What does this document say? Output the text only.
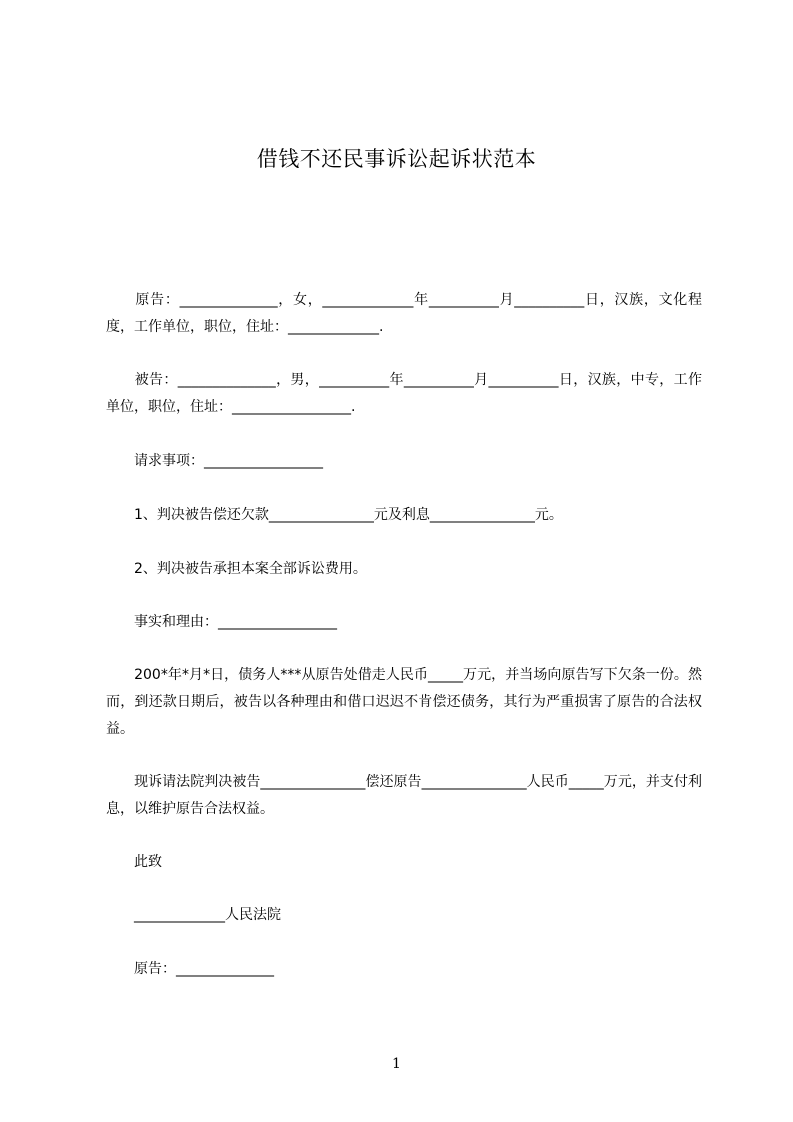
借钱不还民事诉讼起诉状范本
　　原告：______________，女，_____________年__________月__________日，汉族，文化程度，工作单位，职位，住址：_____________.
　　被告：______________，男，__________年__________月__________日，汉族，中专，工作单位，职位，住址：_________________.
　　请求事项：_________________
　　1、判决被告偿还欠款_______________元及利息_______________元。
　　2、判决被告承担本案全部诉讼费用。
　　事实和理由：_________________
　　200*年*月*日，债务人***从原告处借走人民币_____万元，并当场向原告写下欠条一份。然而，到还款日期后，被告以各种理由和借口迟迟不肯偿还债务，其行为严重损害了原告的合法权益。
　　现诉请法院判决被告_______________偿还原告_______________人民币_____万元，并支付利息，以维护原告合法权益。
　　此致
　　_____________人民法院
　　原告：______________
1
